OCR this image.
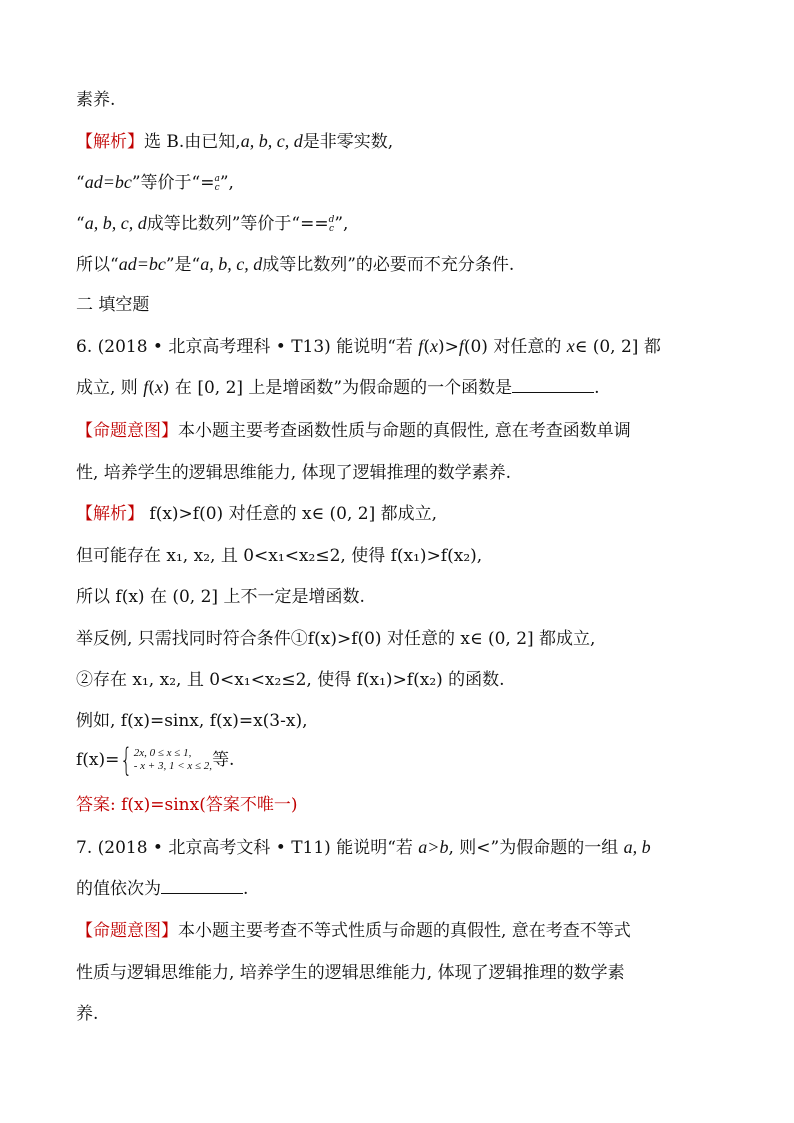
素养.
【解析】选 B.由已知,a, b, c, d是非零实数,
“ad=bc”等价于“= a
c ”,
“a, b, c, d成等比数列”等价于“== d
c ”,
所以“ad=bc”是“a, b, c, d成等比数列”的必要而不充分条件.
二 填空题
6. (2018 • 北京高考理科 • T13) 能说明“若 f(x)>f(0) 对任意的 x∈ (0, 2] 都
成立, 则 f(x) 在 [0, 2] 上是增函数”为假命题的一个函数是	.
【命题意图】本小题主要考查函数性质与命题的真假性, 意在考查函数单调
性, 培养学生的逻辑思维能力, 体现了逻辑推理的数学素养.
【解析】 f(x)>f(0) 对任意的 x∈ (0, 2] 都成立,
但可能存在 x₁, x₂, 且 0<x₁<x₂≤2, 使得 f(x₁)>f(x₂),
所以 f(x) 在 (0, 2] 上不一定是增函数.
举反例, 只需找同时符合条件①f(x)>f(0) 对任意的 x∈ (0, 2] 都成立,
②存在 x₁, x₂, 且 0<x₁<x₂≤2, 使得 f(x₁)>f(x₂) 的函数.
例如, f(x)=sinx, f(x)=x(3-x),
f(x)= { 2x, 0 ≤ x ≤ 1,
- x + 3, 1 < x ≤ 2, 等.
答案: f(x)=sinx(答案不唯一)
7. (2018 • 北京高考文科 • T11) 能说明“若 a>b, 则<”为假命题的一组 a, b
的值依次为	.
【命题意图】本小题主要考查不等式性质与命题的真假性, 意在考查不等式
性质与逻辑思维能力, 培养学生的逻辑思维能力, 体现了逻辑推理的数学素
养.
